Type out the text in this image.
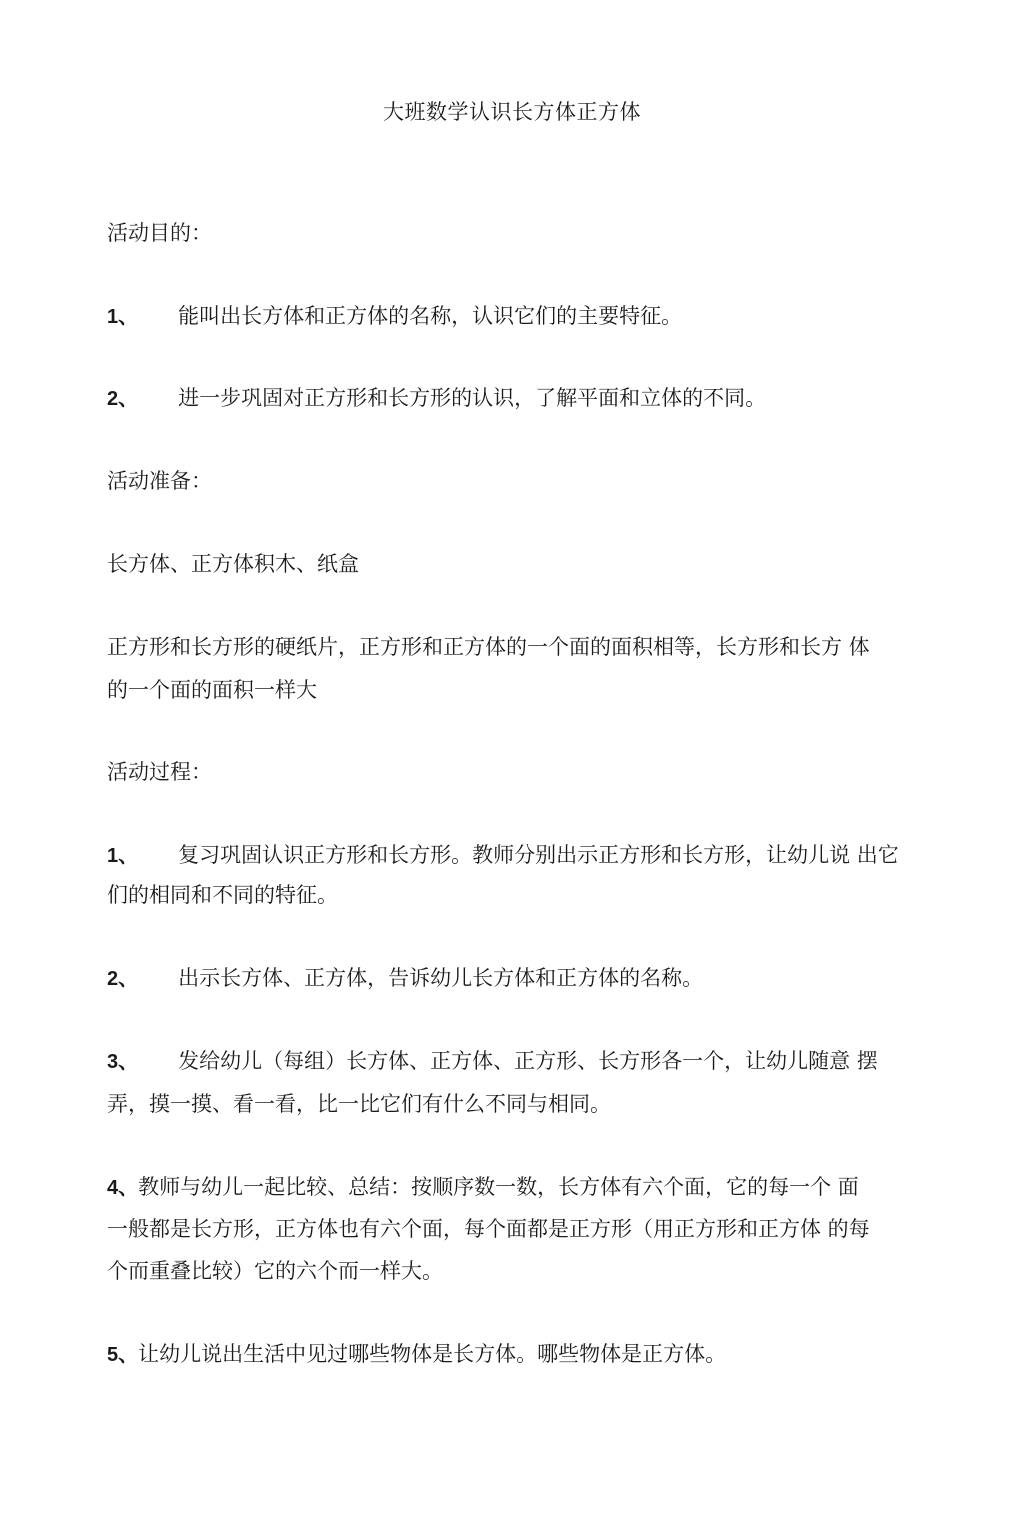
大班数学认识长方体正方体
活动目的：
1、 能叫出长方体和正方体的名称，认识它们的主要特征。
2、 进一步巩固对正方形和长方形的认识，了解平面和立体的不同。
活动准备：
长方体、正方体积木、纸盒
正方形和长方形的硬纸片，正方形和正方体的一个面的面积相等，长方形和长方 体
的一个面的面积一样大
活动过程：
1、 复习巩固认识正方形和长方形。教师分别出示正方形和长方形，让幼儿说 出它
们的相同和不同的特征。
2、 出示长方体、正方体，告诉幼儿长方体和正方体的名称。
3、 发给幼儿（每组）长方体、正方体、正方形、长方形各一个，让幼儿随意 摆
弄，摸一摸、看一看，比一比它们有什么不同与相同。
4、教师与幼儿一起比较、总结：按顺序数一数，长方体有六个面，它的每一个 面
一般都是长方形，正方体也有六个面，每个面都是正方形（用正方形和正方体 的每
个而重叠比较）它的六个而一样大。
5、让幼儿说出生活中见过哪些物体是长方体。哪些物体是正方体。
